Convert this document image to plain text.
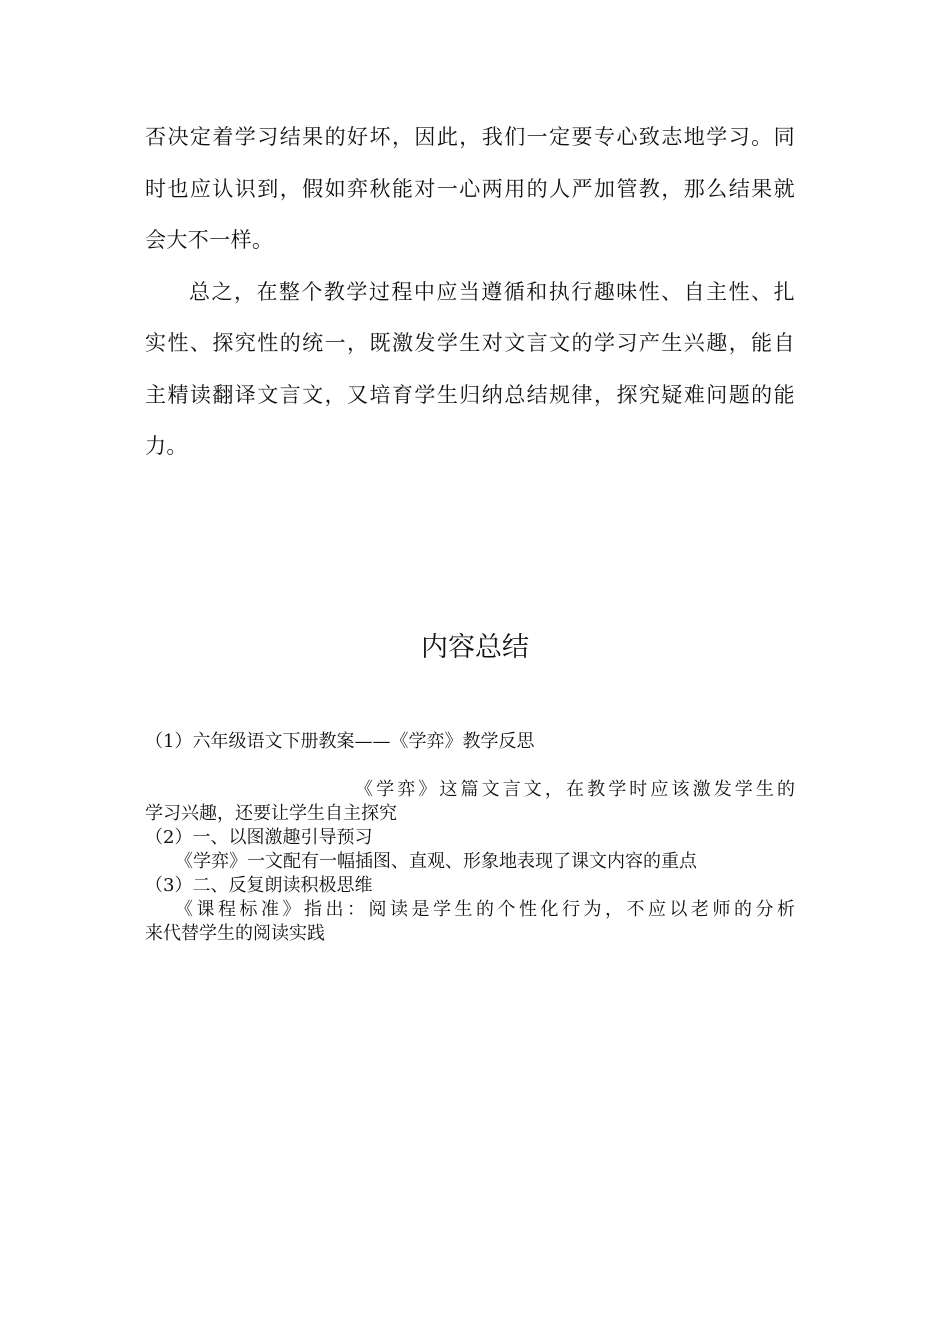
否决定着学习结果的好坏，因此，我们一定要专心致志地学习。同
时也应认识到，假如弈秋能对一心两用的人严加管教，那么结果就
会大不一样。
总之，在整个教学过程中应当遵循和执行趣味性、自主性、扎
实性、探究性的统一，既激发学生对文言文的学习产生兴趣，能自
主精读翻译文言文，又培育学生归纳总结规律，探究疑难问题的能
力。
内容总结
（1）六年级语文下册教案——《学弈》教学反思
《学弈》这篇文言文，在教学时应该激发学生的
学习兴趣，还要让学生自主探究
（2）一、以图激趣引导预习
《学弈》一文配有一幅插图、直观、形象地表现了课文内容的重点
（3）二、反复朗读积极思维
《课程标准》指出：阅读是学生的个性化行为，不应以老师的分析
来代替学生的阅读实践
